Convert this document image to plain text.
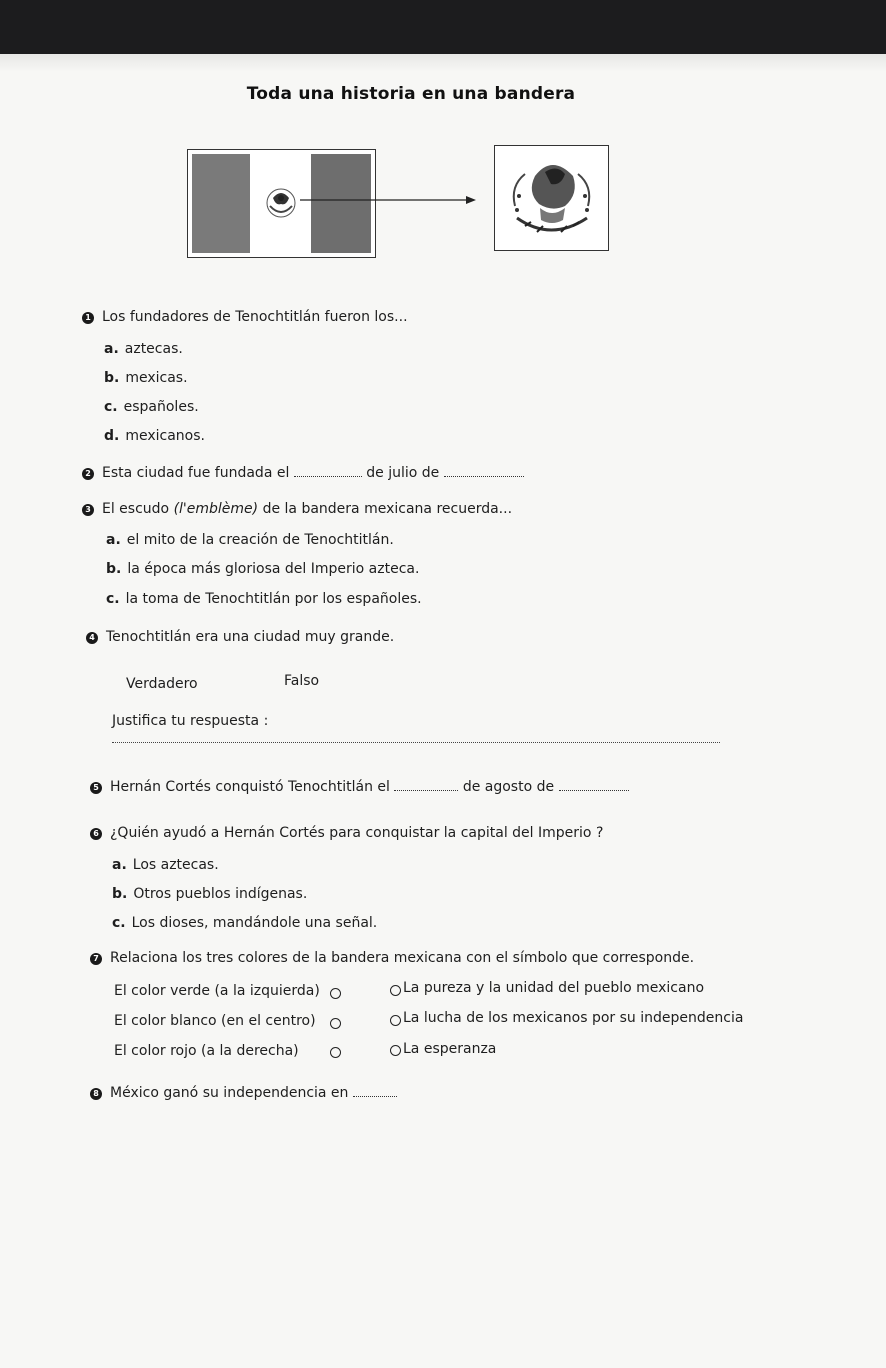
Toda una historia en una bandera
1 Los fundadores de Tenochtitlán fueron los...
a. aztecas.
b. mexicas.
c. españoles.
d. mexicanos.
2 Esta ciudad fue fundada el	de julio de
3 El escudo (l'emblème) de la bandera mexicana recuerda...
a. el mito de la creación de Tenochtitlán.
b. la época más gloriosa del Imperio azteca.
c. la toma de Tenochtitlán por los españoles.
4 Tenochtitlán era una ciudad muy grande.
Verdadero	Falso
Justifica tu respuesta :
5 Hernán Cortés conquistó Tenochtitlán el	de agosto de
6 ¿Quién ayudó a Hernán Cortés para conquistar la capital del Imperio ?
a. Los aztecas.
b. Otros pueblos indígenas.
c. Los dioses, mandándole una señal.
7 Relaciona los tres colores de la bandera mexicana con el símbolo que corresponde.
El color verde (a la izquierda)	La pureza y la unidad del pueblo mexicano
El color blanco (en el centro)	La lucha de los mexicanos por su independencia
El color rojo (a la derecha)	La esperanza
8 México ganó su independencia en
